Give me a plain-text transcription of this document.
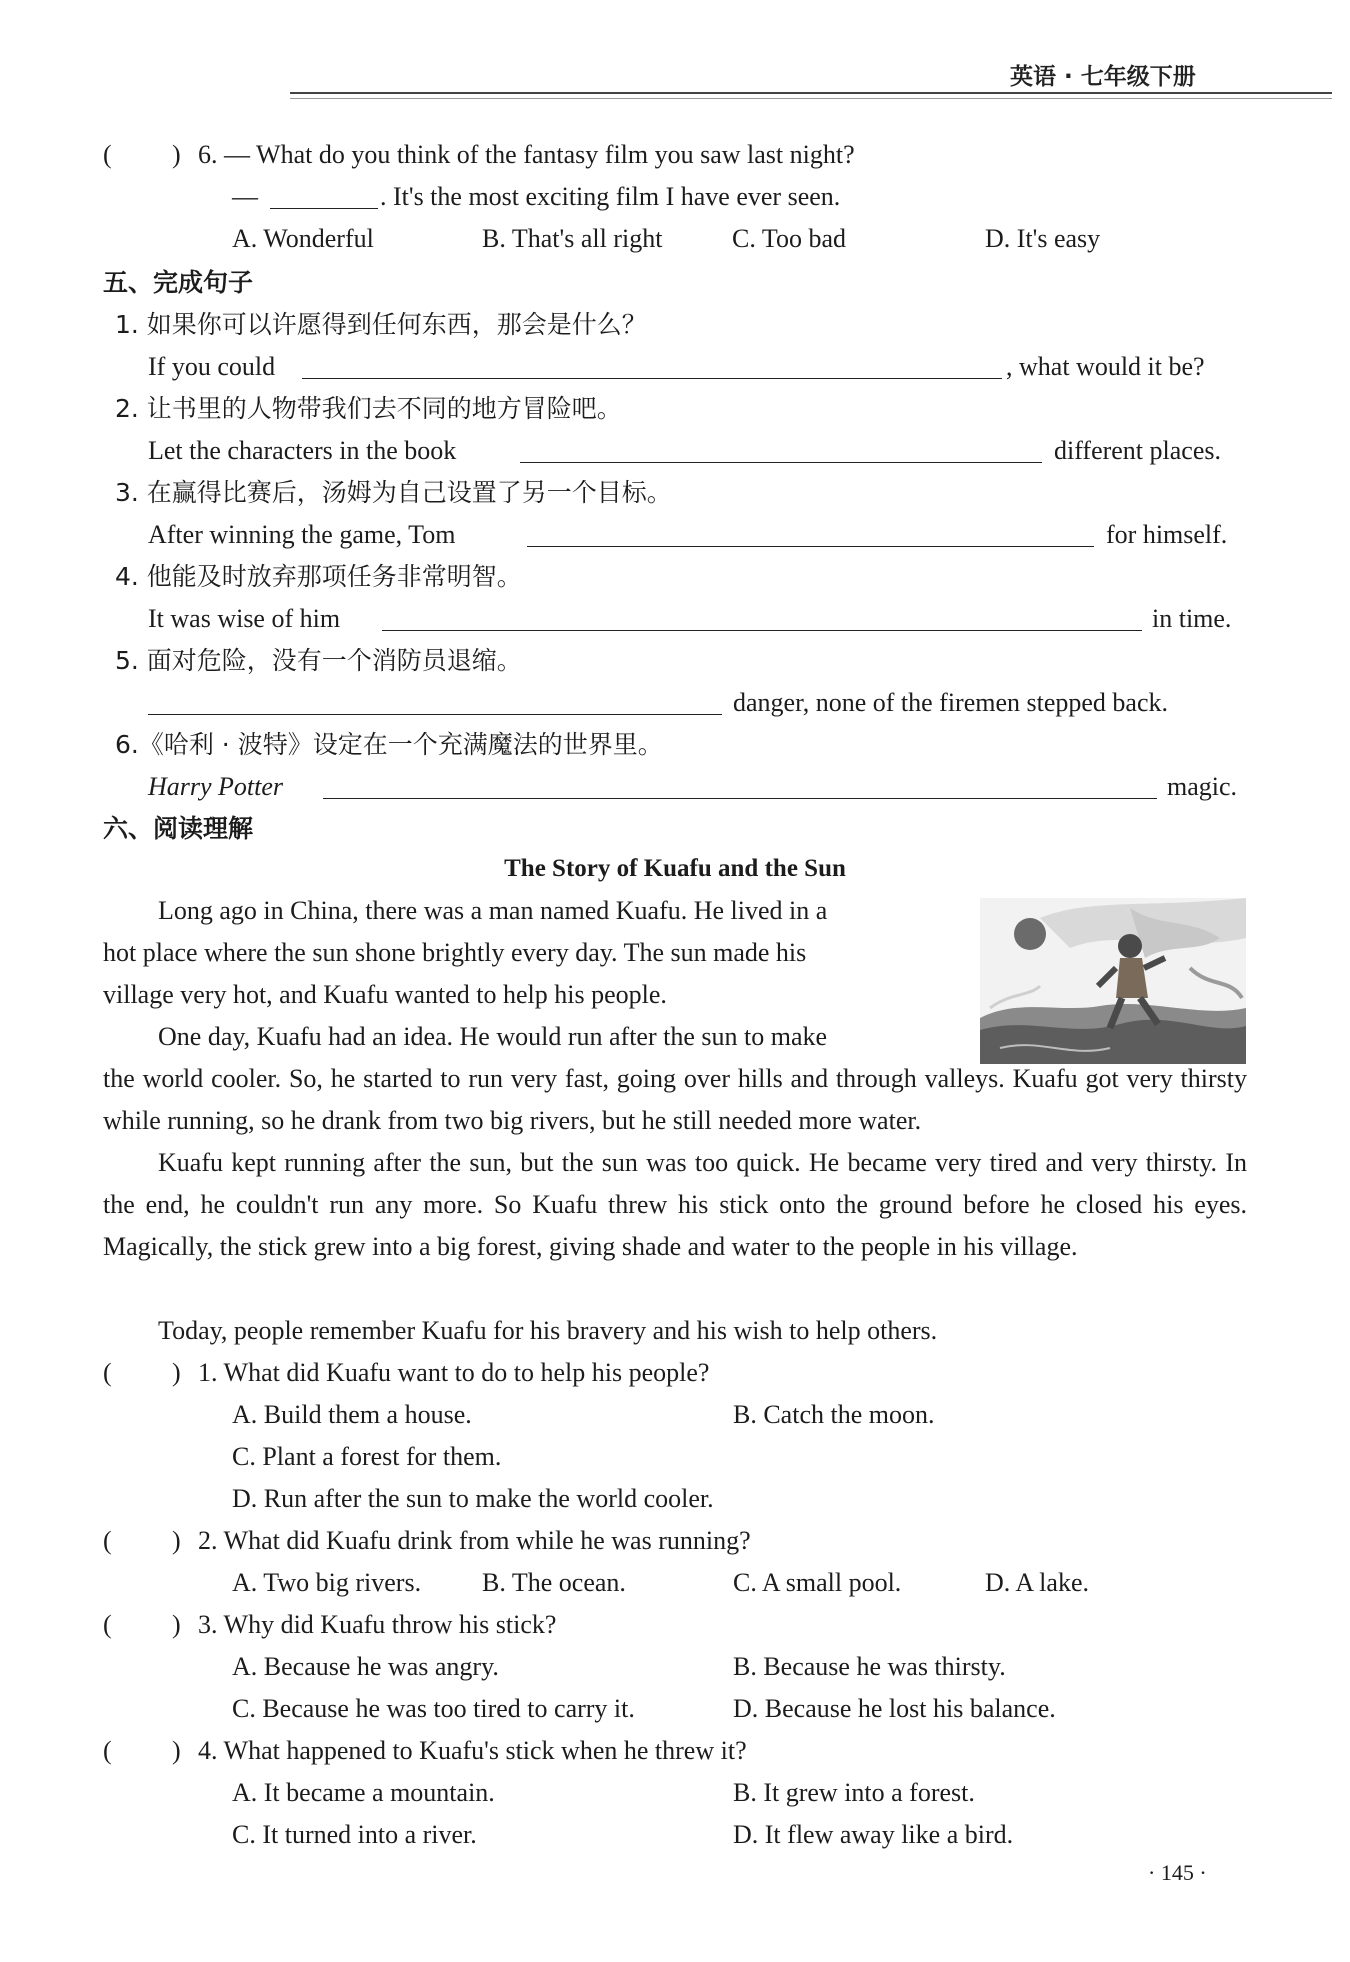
英语 · 七年级下册
( ) 6. — What do you think of the fantasy film you saw last night?
—	. It's the most exciting film I have ever seen.
A. Wonderful	B. That's all right	C. Too bad	D. It's easy
五、完成句子
1. 如果你可以许愿得到任何东西，那会是什么？
If you could	, what would it be?
2. 让书里的人物带我们去不同的地方冒险吧。
Let the characters in the book	different places.
3. 在赢得比赛后，汤姆为自己设置了另一个目标。
After winning the game, Tom	for himself.
4. 他能及时放弃那项任务非常明智。
It was wise of him	in time.
5. 面对危险，没有一个消防员退缩。
danger, none of the firemen stepped back.
6.《哈利 · 波特》设定在一个充满魔法的世界里。
Harry Potter	magic.
六、阅读理解
The Story of Kuafu and the Sun
Long ago in China, there was a man named Kuafu. He lived in a
hot place where the sun shone brightly every day. The sun made his
village very hot, and Kuafu wanted to help his people.
One day, Kuafu had an idea. He would run after the sun to make
the world cooler. So, he started to run very fast, going over hills and through valleys. Kuafu got very thirsty while running, so he drank from two big rivers, but he still needed more water.
Kuafu kept running after the sun, but the sun was too quick. He became very tired and very thirsty. In the end, he couldn't run any more. So Kuafu threw his stick onto the ground before he closed his eyes. Magically, the stick grew into a big forest, giving shade and water to the people in his village.
Today, people remember Kuafu for his bravery and his wish to help others.
( ) 1. What did Kuafu want to do to help his people?
A. Build them a house.	B. Catch the moon.
C. Plant a forest for them.
D. Run after the sun to make the world cooler.
( ) 2. What did Kuafu drink from while he was running?
A. Two big rivers. B. The ocean.	C. A small pool.	D. A lake.
( ) 3. Why did Kuafu throw his stick?
A. Because he was angry.	B. Because he was thirsty.
C. Because he was too tired to carry it.	D. Because he lost his balance.
( ) 4. What happened to Kuafu's stick when he threw it?
A. It became a mountain.	B. It grew into a forest.
C. It turned into a river.	D. It flew away like a bird.
· 145 ·
